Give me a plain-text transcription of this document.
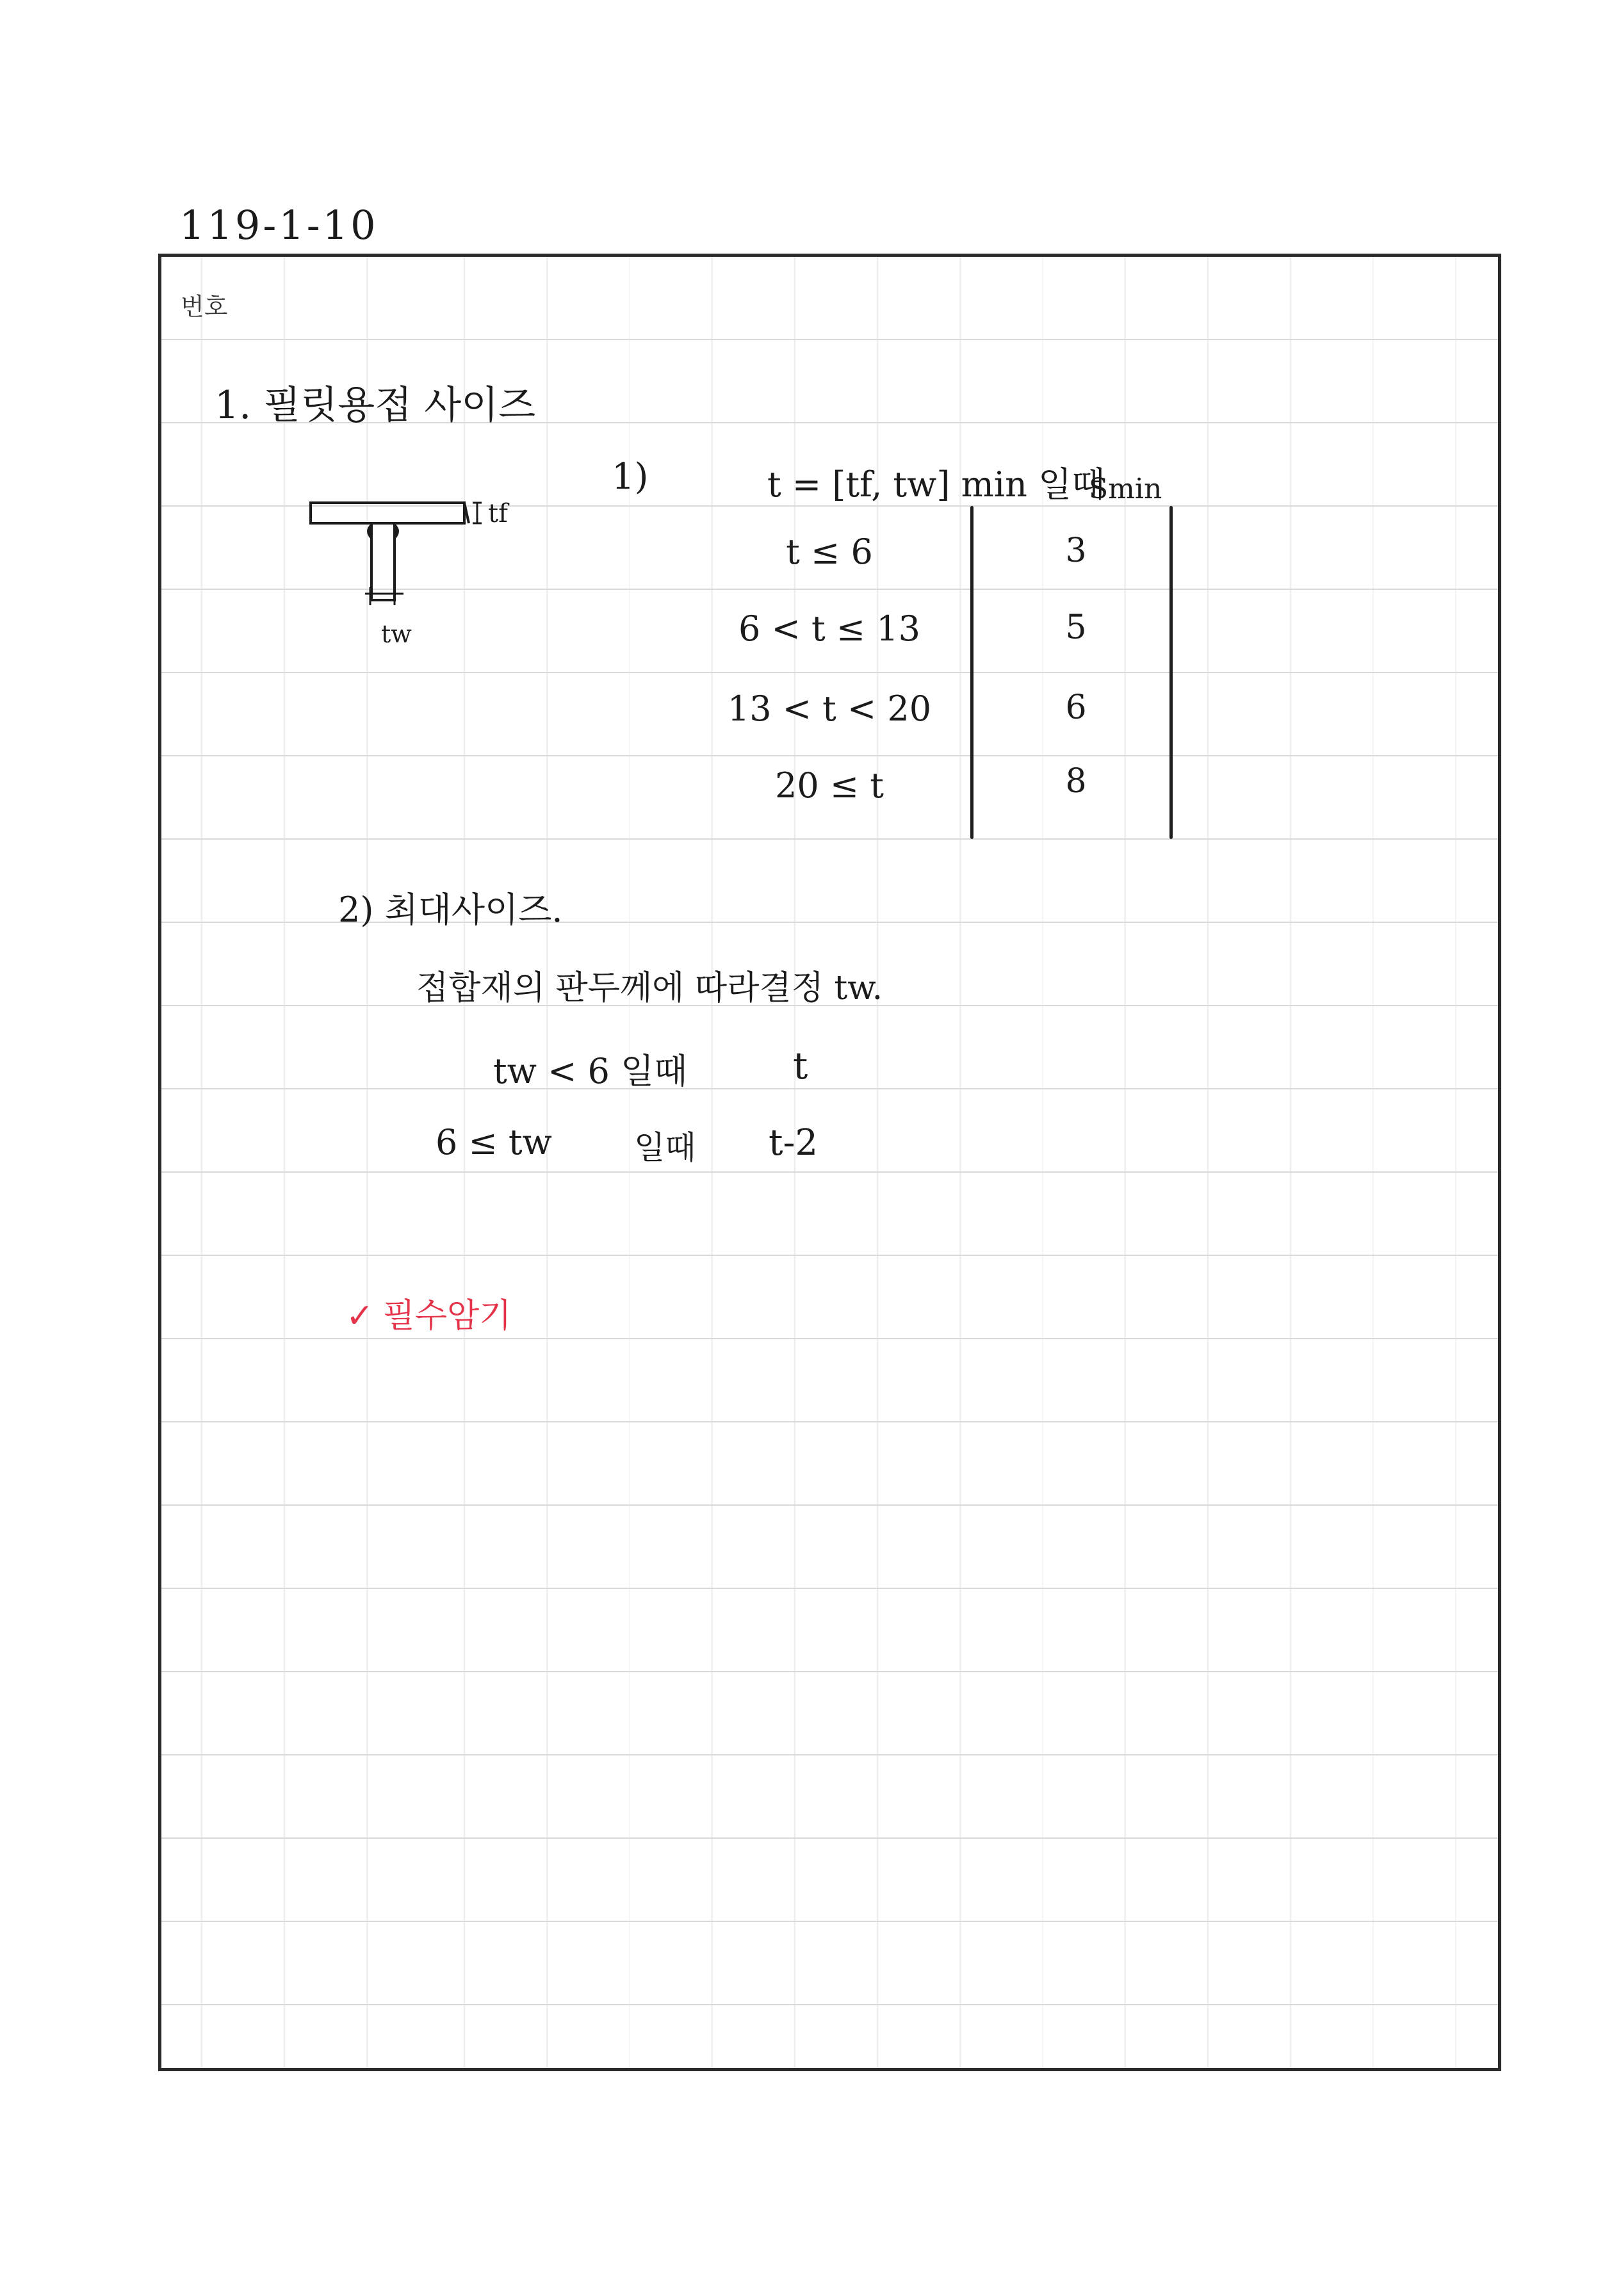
119-1-10
번호
1. 필릿용접 사이즈
tf
tw
1)	t = [tf, tw] min 일때
Smin
t ≤ 6	3
6 < t ≤ 13	5
13 < t < 20	6
20 ≤ t	8
2) 최대사이즈.
접합재의 판두께에 따라결정 tw.
tw < 6 일때	t
6 ≤ tw	일때 t-2
✓ 필수암기
